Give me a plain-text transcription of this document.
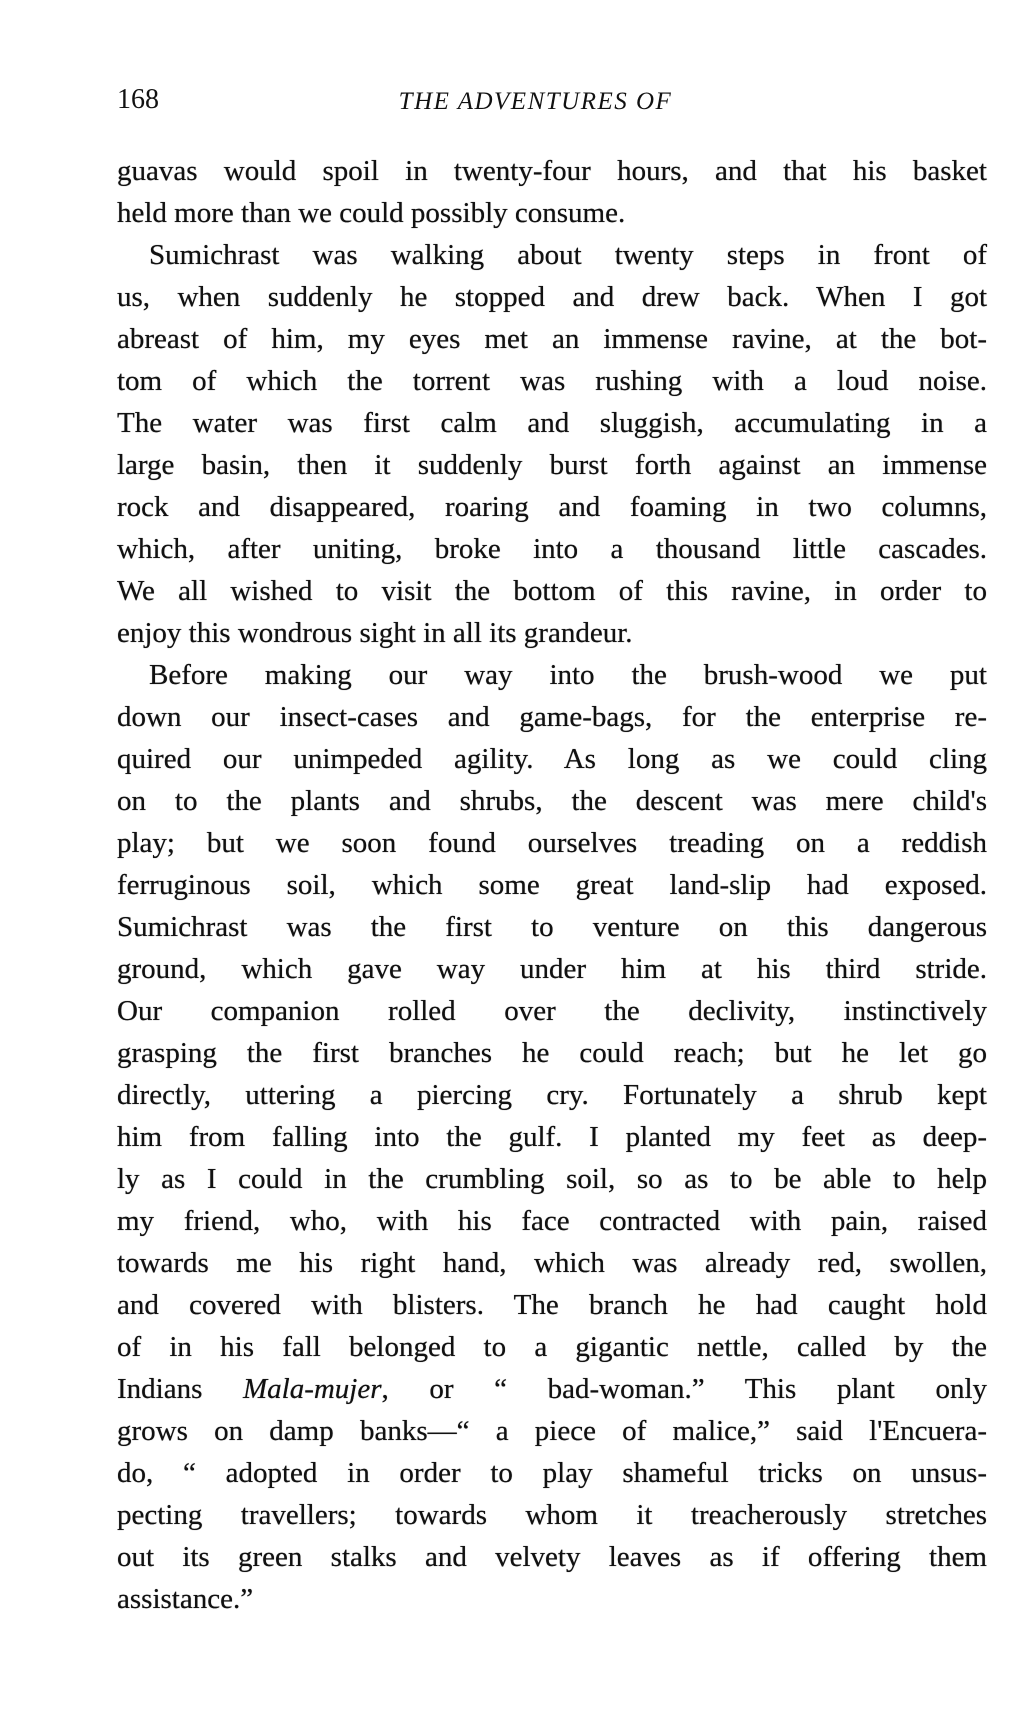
168	THE ADVENTURES OF
guavas would spoil in twenty-four hours, and that his basket
held more than we could possibly consume.
Sumichrast was walking about twenty steps in front of
us, when suddenly he stopped and drew back. When I got
abreast of him, my eyes met an immense ravine, at the bot-
tom of which the torrent was rushing with a loud noise.
The water was first calm and sluggish, accumulating in a
large basin, then it suddenly burst forth against an immense
rock and disappeared, roaring and foaming in two columns,
which, after uniting, broke into a thousand little cascades.
We all wished to visit the bottom of this ravine, in order to
enjoy this wondrous sight in all its grandeur.
Before making our way into the brush-wood we put
down our insect-cases and game-bags, for the enterprise re-
quired our unimpeded agility. As long as we could cling
on to the plants and shrubs, the descent was mere child's
play; but we soon found ourselves treading on a reddish
ferruginous soil, which some great land-slip had exposed.
Sumichrast was the first to venture on this dangerous
ground, which gave way under him at his third stride.
Our companion rolled over the declivity, instinctively
grasping the first branches he could reach; but he let go
directly, uttering a piercing cry. Fortunately a shrub kept
him from falling into the gulf. I planted my feet as deep-
ly as I could in the crumbling soil, so as to be able to help
my friend, who, with his face contracted with pain, raised
towards me his right hand, which was already red, swollen,
and covered with blisters. The branch he had caught hold
of in his fall belonged to a gigantic nettle, called by the
Indians Mala-mujer, or “ bad-woman.” This plant only
grows on damp banks—“ a piece of malice,” said l'Encuera-
do, “ adopted in order to play shameful tricks on unsus-
pecting travellers; towards whom it treacherously stretches
out its green stalks and velvety leaves as if offering them
assistance.”
